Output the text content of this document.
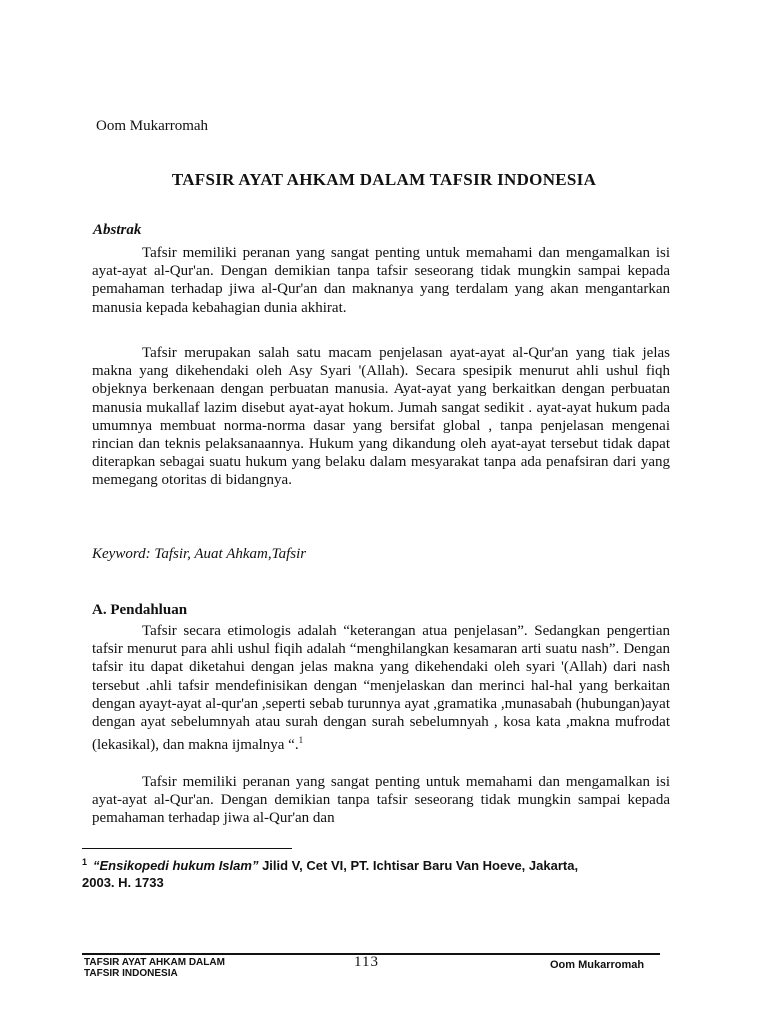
Oom Mukarromah
TAFSIR AYAT AHKAM DALAM TAFSIR INDONESIA
Abstrak

Tafsir memiliki peranan yang sangat penting untuk memahami dan mengamalkan isi ayat-ayat al-Qur'an. Dengan demikian tanpa tafsir seseorang tidak mungkin sampai kepada pemahaman terhadap jiwa al-Qur'an dan maknanya yang terdalam yang akan mengantarkan manusia kepada kebahagian dunia akhirat.

Tafsir merupakan salah satu macam penjelasan ayat-ayat al-Qur'an yang tiak jelas makna yang dikehendaki oleh Asy Syari '(Allah). Secara spesipik menurut ahli ushul fiqh objeknya berkenaan dengan perbuatan manusia. Ayat-ayat yang berkaitkan dengan perbuatan manusia mukallaf lazim disebut ayat-ayat hokum. Jumah sangat sedikit . ayat-ayat hukum pada umumnya membuat norma-norma dasar yang bersifat global , tanpa penjelasan mengenai rincian dan teknis pelaksanaannya. Hukum yang dikandung oleh ayat-ayat tersebut tidak dapat diterapkan sebagai suatu hukum yang belaku dalam mesyarakat tanpa ada penafsiran dari yang memegang otoritas di bidangnya.

Keyword: Tafsir, Auat Ahkam,Tafsir
A. Pendahluan

Tafsir secara etimologis adalah “keterangan atua penjelasan”. Sedangkan pengertian tafsir menurut para ahli ushul fiqih adalah “menghilangkan kesamaran arti suatu nash”. Dengan tafsir itu dapat diketahui dengan jelas makna yang dikehendaki oleh syari '(Allah) dari nash tersebut .ahli tafsir mendefinisikan dengan “menjelaskan dan merinci hal-hal yang berkaitan dengan ayayt-ayat al-qur'an ,seperti sebab turunnya ayat ,gramatika ,munasabah (hubungan)ayat dengan ayat sebelumnyah atau surah dengan surah sebelumnyah , kosa kata ,makna mufrodat (lekasikal), dan makna ijmalnya “.$^1$

Tafsir memiliki peranan yang sangat penting untuk memahami dan mengamalkan isi ayat-ayat al-Qur'an. Dengan demikian tanpa tafsir seseorang tidak mungkin sampai kepada pemahaman terhadap jiwa al-Qur'an dan

$^1$ “Ensikopedi hukum Islam” Jilid V, Cet VI, PT. Ichtisar Baru Van Hoeve, Jakarta,
2003. H. 1733
TAFSIR AYAT AHKAM DALAM
TAFSIR INDONESIA
113	Oom Mukarromah
